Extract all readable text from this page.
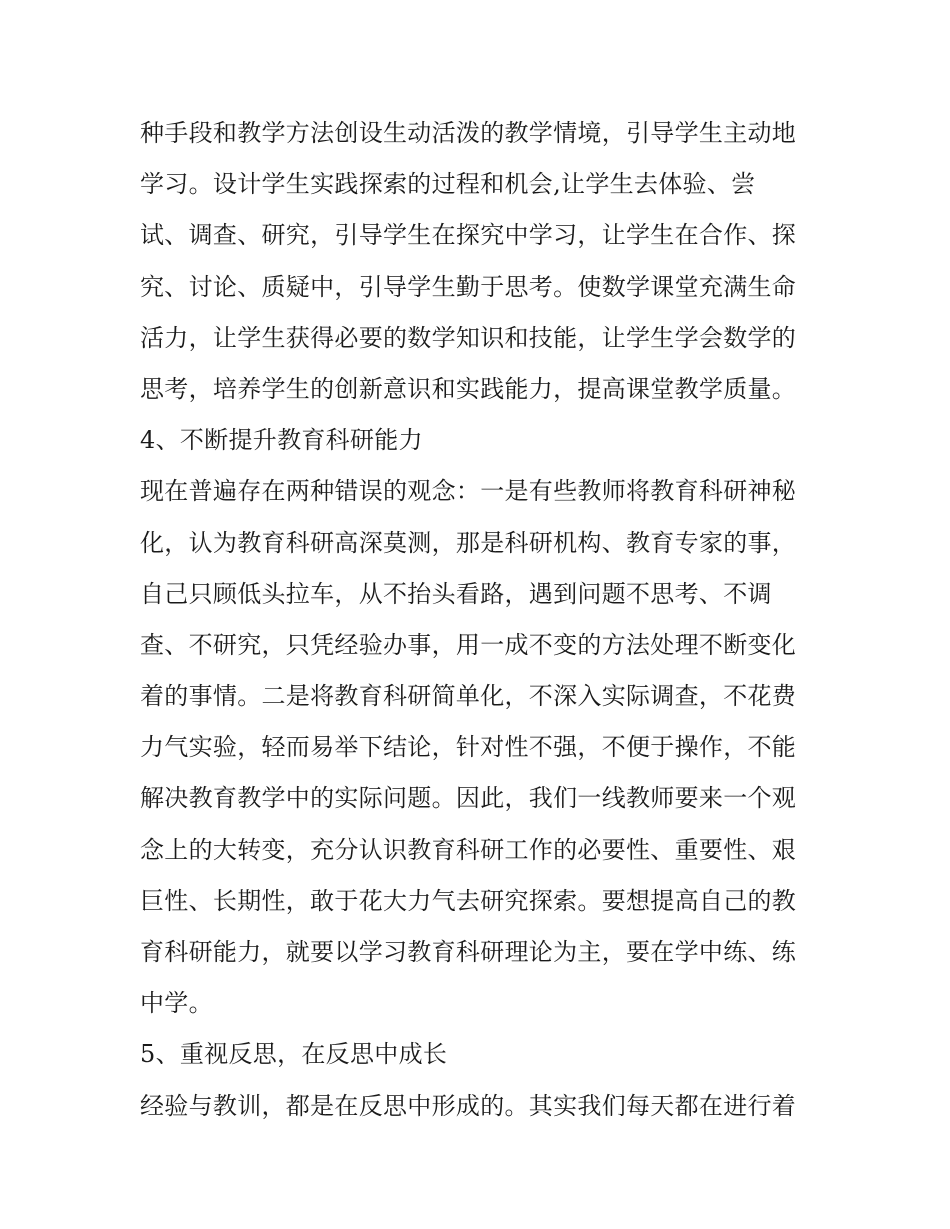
种手段和教学方法创设生动活泼的教学情境，引导学生主动地
学习。设计学生实践探索的过程和机会,让学生去体验、尝
试、调查、研究，引导学生在探究中学习，让学生在合作、探
究、讨论、质疑中，引导学生勤于思考。使数学课堂充满生命
活力，让学生获得必要的数学知识和技能，让学生学会数学的
思考，培养学生的创新意识和实践能力，提高课堂教学质量。
4、不断提升教育科研能力
现在普遍存在两种错误的观念：一是有些教师将教育科研神秘
化，认为教育科研高深莫测，那是科研机构、教育专家的事，
自己只顾低头拉车，从不抬头看路，遇到问题不思考、不调
查、不研究，只凭经验办事，用一成不变的方法处理不断变化
着的事情。二是将教育科研简单化，不深入实际调查，不花费
力气实验，轻而易举下结论，针对性不强，不便于操作，不能
解决教育教学中的实际问题。因此，我们一线教师要来一个观
念上的大转变，充分认识教育科研工作的必要性、重要性、艰
巨性、长期性，敢于花大力气去研究探索。要想提高自己的教
育科研能力，就要以学习教育科研理论为主，要在学中练、练
中学。
5、重视反思，在反思中成长
经验与教训，都是在反思中形成的。其实我们每天都在进行着
